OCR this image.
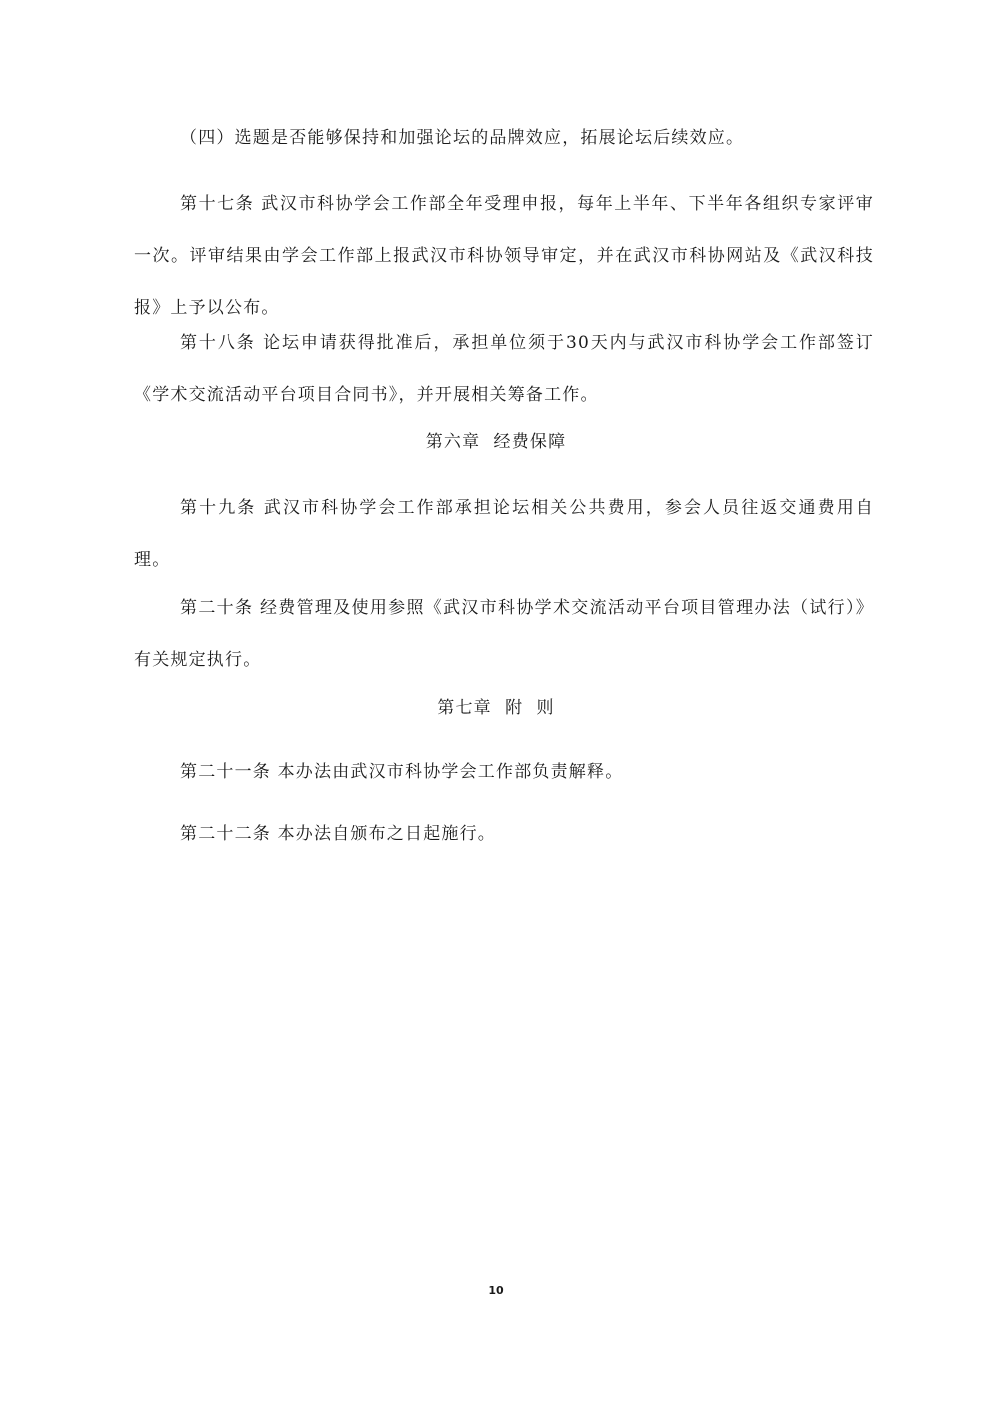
（四）选题是否能够保持和加强论坛的品牌效应，拓展论坛后续效应。

第十七条 武汉市科协学会工作部全年受理申报，每年上半年、下半年各组织专家评审一次。评审结果由学会工作部上报武汉市科协领导审定，并在武汉市科协网站及《武汉科技报》上予以公布。

第十八条 论坛申请获得批准后，承担单位须于30天内与武汉市科协学会工作部签订《学术交流活动平台项目合同书》，并开展相关筹备工作。

第六章  经费保障

第十九条 武汉市科协学会工作部承担论坛相关公共费用，参会人员往返交通费用自理。

第二十条 经费管理及使用参照《武汉市科协学术交流活动平台项目管理办法（试行）》有关规定执行。

第七章  附  则

第二十一条 本办法由武汉市科协学会工作部负责解释。

第二十二条 本办法自颁布之日起施行。

10
